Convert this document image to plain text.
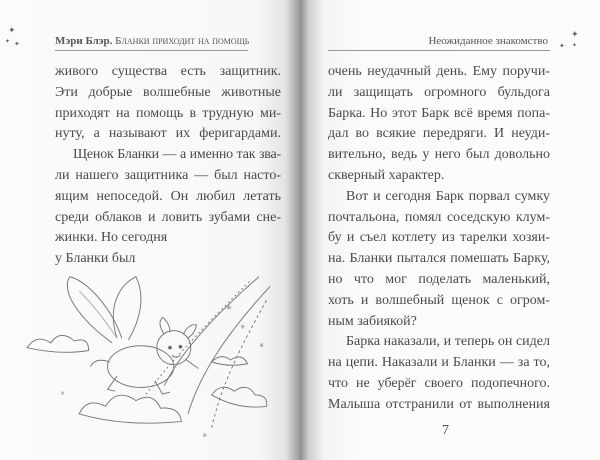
✦
✦ ✦	Мэри Блэр. Бланки приходит на помощь
живого существа есть защитник.
Эти добрые волшебные животные
приходят на помощь в трудную ми-
нуту, а называют их феригардами.
Щенок Бланки — а именно так зва-
ли нашего защитника — был насто-
ящим непоседой. Он любил летать
среди облаков и ловить зубами сне-
жинки. Но сегодня
у Бланки был
✳
✳
✳
✳
✳
Неожиданное знакомство
✦
✦ ✦
очень неудачный день. Ему поручи-
ли защищать огромного бульдога
Барка. Но этот Барк всё время попа-
дал во всякие передряги. И неуди-
вительно, ведь у него был довольно
скверный характер.
Вот и сегодня Барк порвал сумку
почтальона, помял соседскую клум-
бу и съел котлету из тарелки хозяи-
на. Бланки пытался помешать Барку,
но что мог поделать маленький,
хоть и волшебный щенок с огром-
ным забиякой?
Барка наказали, и теперь он сидел
на цепи. Наказали и Бланки — за то,
что не уберёг своего подопечного.
Малыша отстранили от выполнения
7
